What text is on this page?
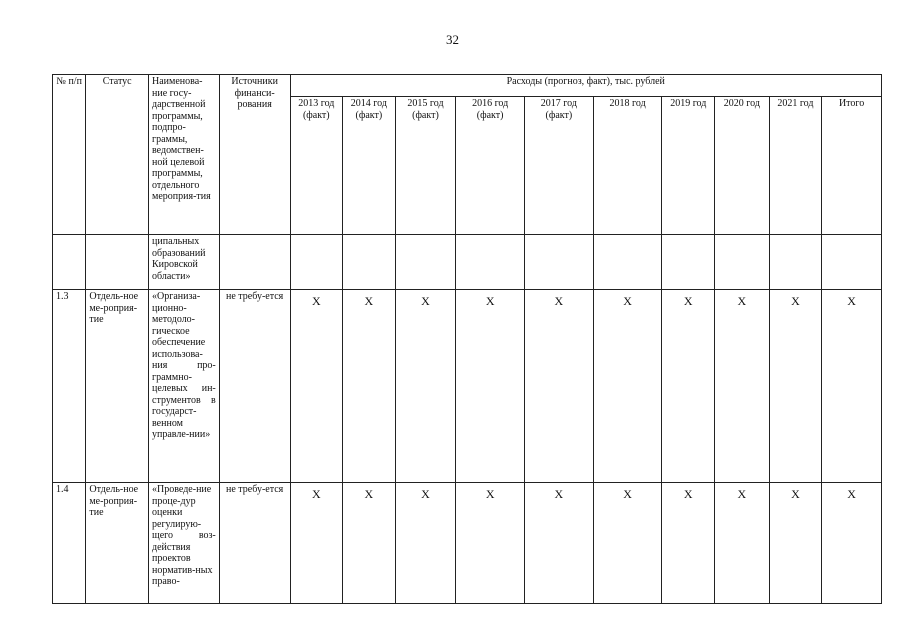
32
№ п/п	Статус	Наименова-ние госу-дарственной программы, подпро-граммы, ведомствен-ной целевой программы, отдельного мероприя-тия	Источники финанси-рования	Расходы (прогноз, факт), тыс. рублей									
				2013 год (факт)	2014 год (факт)	2015 год (факт)	2016 год (факт)	2017 год (факт)	2018 год	2019 год	2020 год	2021 год	Итого
		ципальных образований Кировской области»											
1.3	Отдель-ное ме-роприя-тие	«Организа-ционно-методоло-гическое обеспечение использова-ния про-граммно-целевых ин-струментов в государст-венном управле-нии»	не требу-ется	X	X	X	X	X	X	X	X	X	X
1.4	Отдель-ное ме-роприя-тие	«Проведе-ние проце-дур оценки регулирую-щего воз-действия проектов норматив-ных право-	не требу-ется	X	X	X	X	X	X	X	X	X	X
